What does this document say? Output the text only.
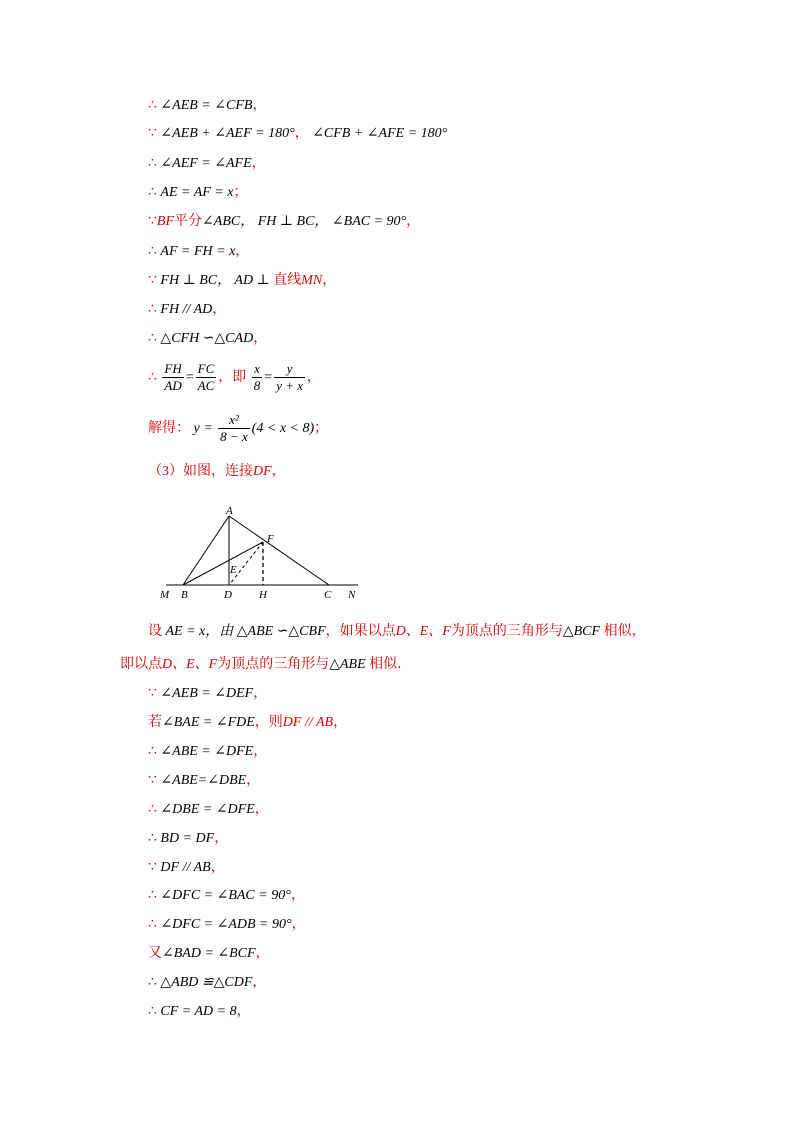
∴ ∠AEB = ∠CFB，
∵ ∠AEB + ∠AEF = 180°， ∠CFB + ∠AFE = 180°
∴ ∠AEF = ∠AFE，
∴ AE = AF = x；
∵BF平分∠ABC， FH ⊥ BC， ∠BAC = 90°，
∴ AF = FH = x，
∵ FH ⊥ BC， AD ⊥ 直线MN，
∴ FH // AD，
∴ △CFH ∽△CAD，
∴ $\frac{FH}{AD} = \frac{FC}{AC}$ ，即 $\frac{x}{8} = \frac{y}{y + x}$ ，
解得： $y = \frac{\text{x²}}{8 - x} (4 < x < 8)$；
（3）如图，连接DF，
A
F
E
M B	D H	C N
设 AE = x，由 △ABE ∽△CBF，如果以点D、E、F为顶点的三角形与△BCF 相似，
即以点D、E、F为顶点的三角形与△ABE 相似．
∵ ∠AEB = ∠DEF，
若∠BAE = ∠FDE，则DF // AB，
∴ ∠ABE = ∠DFE，
∵ ∠ABE=∠DBE，
∴ ∠DBE = ∠DFE，
∴ BD = DF，
∵ DF // AB，
∴ ∠DFC = ∠BAC = 90°，
∴ ∠DFC = ∠ADB = 90°，
又∠BAD = ∠BCF，
∴ △ABD ≌△CDF，
∴ CF = AD = 8，
